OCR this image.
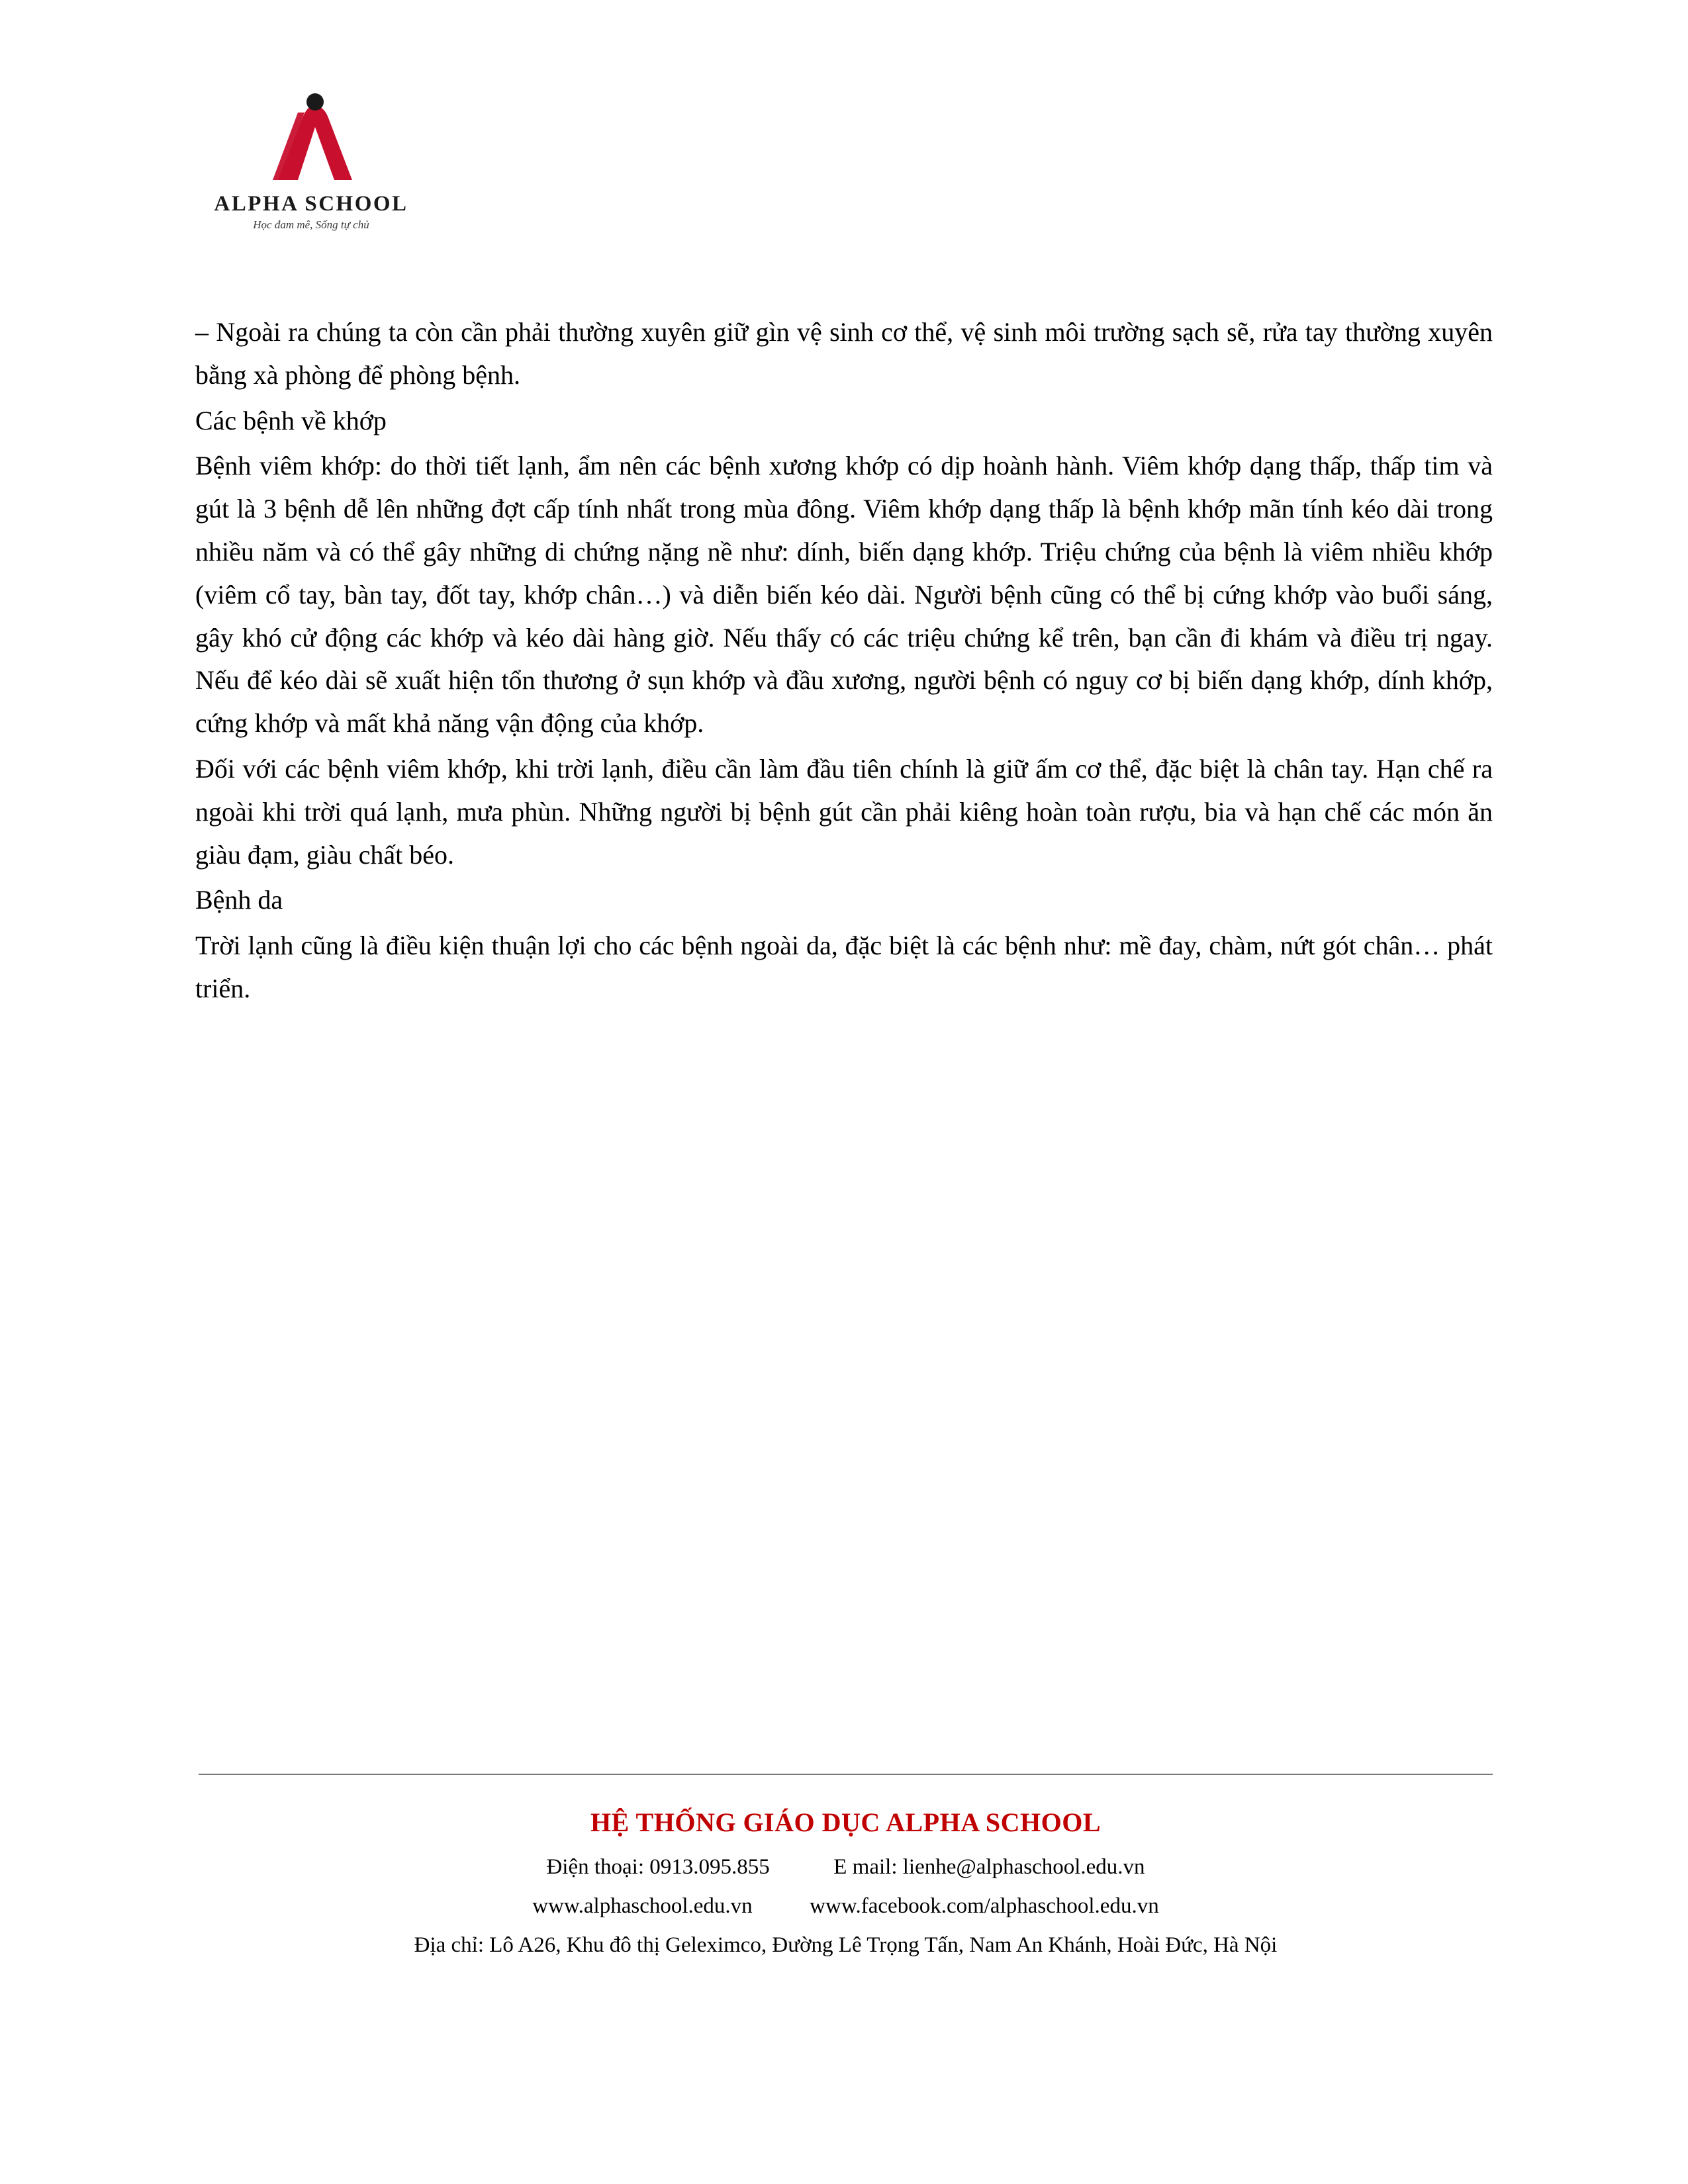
ALPHA SCHOOL
Học đam mê, Sống tự chủ

– Ngoài ra chúng ta còn cần phải thường xuyên giữ gìn vệ sinh cơ thể, vệ sinh môi trường sạch sẽ, rửa tay thường xuyên bằng xà phòng để phòng bệnh.

Các bệnh về khớp

Bệnh viêm khớp: do thời tiết lạnh, ẩm nên các bệnh xương khớp có dịp hoành hành. Viêm khớp dạng thấp, thấp tim và gút là 3 bệnh dễ lên những đợt cấp tính nhất trong mùa đông. Viêm khớp dạng thấp là bệnh khớp mãn tính kéo dài trong nhiều năm và có thể gây những di chứng nặng nề như: dính, biến dạng khớp. Triệu chứng của bệnh là viêm nhiều khớp (viêm cổ tay, bàn tay, đốt tay, khớp chân…) và diễn biến kéo dài. Người bệnh cũng có thể bị cứng khớp vào buổi sáng, gây khó cử động các khớp và kéo dài hàng giờ. Nếu thấy có các triệu chứng kể trên, bạn cần đi khám và điều trị ngay. Nếu để kéo dài sẽ xuất hiện tổn thương ở sụn khớp và đầu xương, người bệnh có nguy cơ bị biến dạng khớp, dính khớp, cứng khớp và mất khả năng vận động của khớp.

Đối với các bệnh viêm khớp, khi trời lạnh, điều cần làm đầu tiên chính là giữ ấm cơ thể, đặc biệt là chân tay. Hạn chế ra ngoài khi trời quá lạnh, mưa phùn. Những người bị bệnh gút cần phải kiêng hoàn toàn rượu, bia và hạn chế các món ăn giàu đạm, giàu chất béo.

Bệnh da

Trời lạnh cũng là điều kiện thuận lợi cho các bệnh ngoài da, đặc biệt là các bệnh như: mề đay, chàm, nứt gót chân… phát triển.

HỆ THỐNG GIÁO DỤC ALPHA SCHOOL
Điện thoại: 0913.095.855	E mail: lienhe@alphaschool.edu.vn
www.alphaschool.edu.vn	www.facebook.com/alphaschool.edu.vn
Địa chỉ: Lô A26, Khu đô thị Geleximco, Đường Lê Trọng Tấn, Nam An Khánh, Hoài Đức, Hà Nội
